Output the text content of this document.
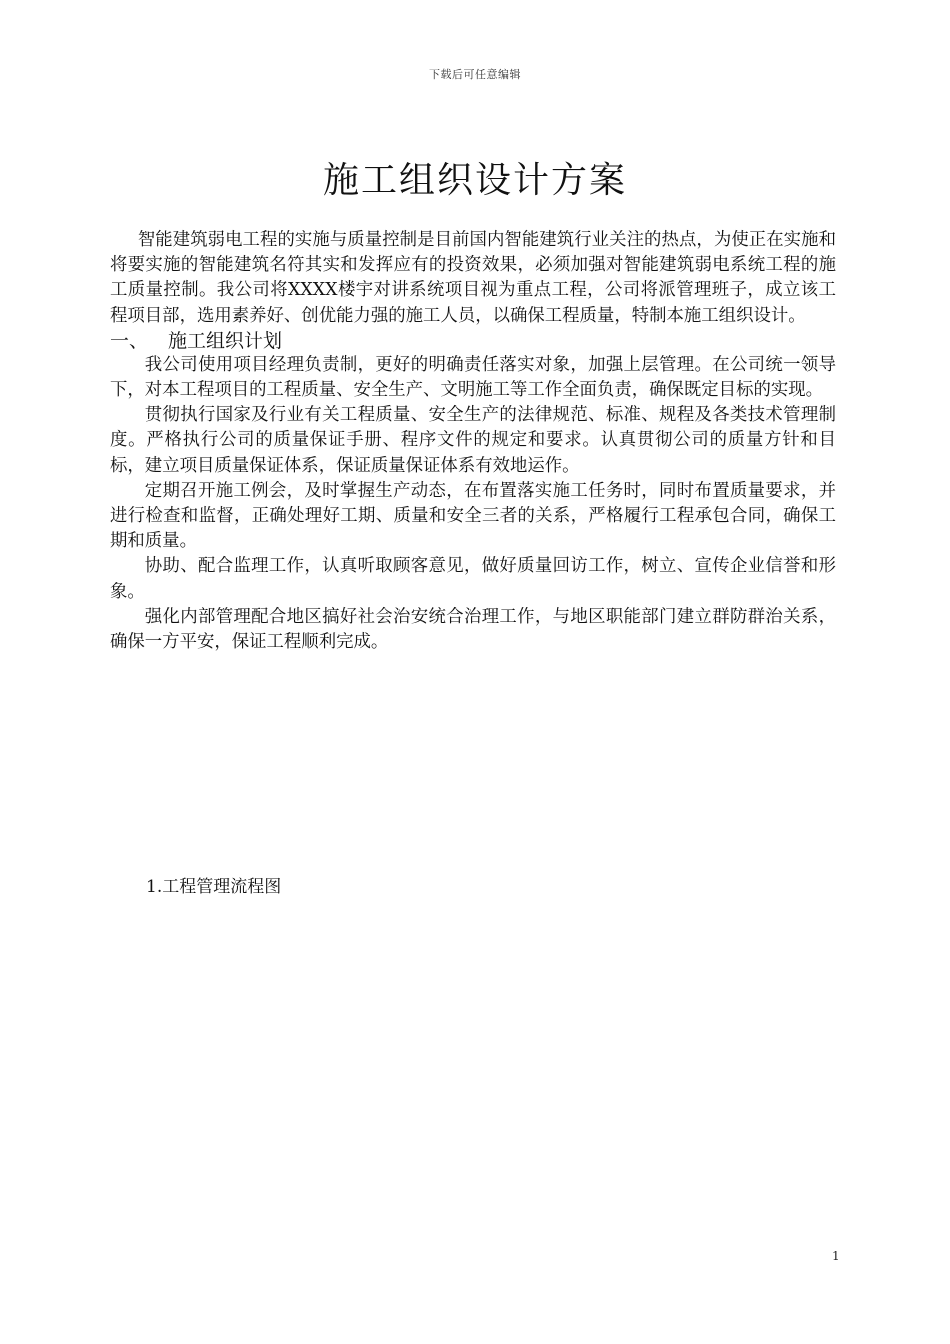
下载后可任意编辑
施工组织设计方案

智能建筑弱电工程的实施与质量控制是目前国内智能建筑行业关注的热点，为使正在实施和将要实施的智能建筑名符其实和发挥应有的投资效果，必须加强对智能建筑弱电系统工程的施工质量控制。我公司将XXXX楼宇对讲系统项目视为重点工程，公司将派管理班子，成立该工程项目部，选用素养好、创优能力强的施工人员，以确保工程质量，特制本施工组织设计。

一、	施工组织计划

我公司使用项目经理负责制，更好的明确责任落实对象，加强上层管理。在公司统一领导下，对本工程项目的工程质量、安全生产、文明施工等工作全面负责，确保既定目标的实现。

贯彻执行国家及行业有关工程质量、安全生产的法律规范、标准、规程及各类技术管理制度。严格执行公司的质量保证手册、程序文件的规定和要求。认真贯彻公司的质量方针和目标，建立项目质量保证体系，保证质量保证体系有效地运作。

定期召开施工例会，及时掌握生产动态，在布置落实施工任务时，同时布置质量要求，并进行检查和监督，正确处理好工期、质量和安全三者的关系，严格履行工程承包合同，确保工期和质量。

协助、配合监理工作，认真听取顾客意见，做好质量回访工作，树立、宣传企业信誉和形象。

强化内部管理配合地区搞好社会治安统合治理工作，与地区职能部门建立群防群治关系，确保一方平安，保证工程顺利完成。

1.工程管理流程图

1
